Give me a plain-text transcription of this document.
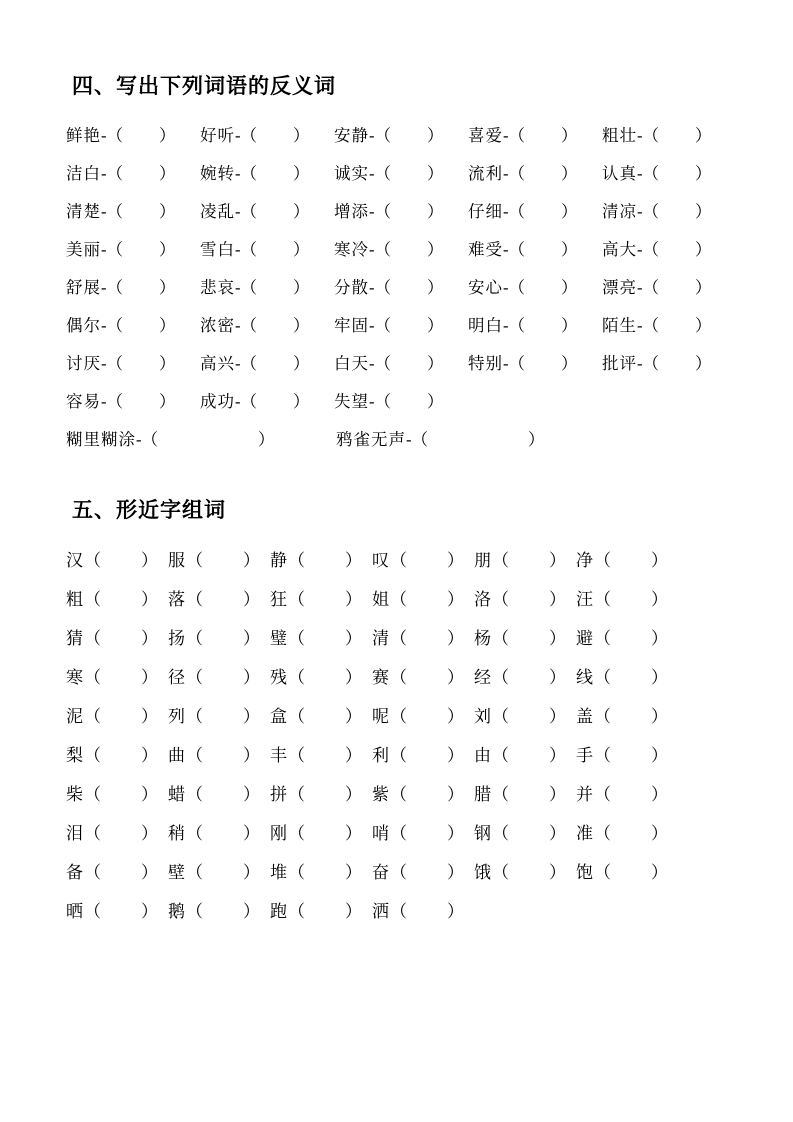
四、写出下列词语的反义词
鲜艳-（ ）	好听-（ ）	安静-（ ）	喜爱-（ ）	粗壮-（ ）
洁白-（ ）	婉转-（ ）	诚实-（ ）	流利-（ ）	认真-（ ）
清楚-（ ）	凌乱-（ ）	增添-（ ）	仔细-（ ）	清凉-（ ）
美丽-（ ）	雪白-（ ）	寒冷-（ ）	难受-（ ）	高大-（ ）
舒展-（ ）	悲哀-（ ）	分散-（ ）	安心-（ ）	漂亮-（ ）
偶尔-（ ）	浓密-（ ）	牢固-（ ）	明白-（ ）	陌生-（ ）
讨厌-（ ）	高兴-（ ）	白天-（ ）	特别-（ ）	批评-（ ）
容易-（ ）	成功-（ ）	失望-（ ）
糊里糊涂-（	）	鸦雀无声-（	）
五、形近字组词
汉（ ） 服（ ） 静（ ） 叹（ ） 朋（ ） 净（ ）
粗（ ） 落（ ） 狂（ ） 姐（ ） 洛（ ） 汪（ ）
猜（ ） 扬（ ） 璧（ ） 清（ ） 杨（ ） 避（ ）
寒（ ） 径（ ） 残（ ） 赛（ ） 经（ ） 线（ ）
泥（ ） 列（ ） 盒（ ） 呢（ ） 刘（ ） 盖（ ）
梨（ ） 曲（ ） 丰（ ） 利（ ） 由（ ） 手（ ）
柴（ ） 蜡（ ） 拼（ ） 紫（ ） 腊（ ） 并（ ）
泪（ ） 稍（ ） 刚（ ） 哨（ ） 钢（ ） 准（ ）
备（ ） 壁（ ） 堆（ ） 奋（ ） 饿（ ） 饱（ ）
晒（ ） 鹅（ ） 跑（ ） 洒（ ）
